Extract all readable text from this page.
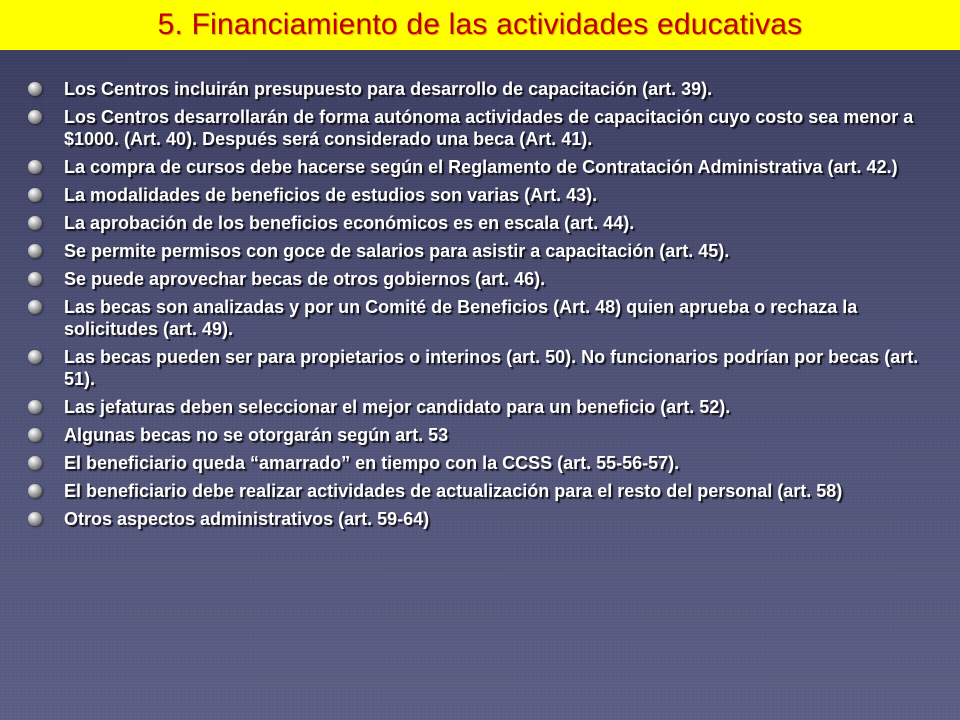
5. Financiamiento de las actividades educativas
Los Centros incluirán presupuesto para desarrollo de capacitación (art. 39).
Los Centros desarrollarán de forma autónoma actividades de capacitación cuyo costo sea menor a $1000. (Art. 40). Después será considerado una beca (Art. 41).
La compra de cursos debe hacerse según el Reglamento de Contratación Administrativa (art. 42.)
La modalidades de beneficios de estudios son varias (Art. 43).
La aprobación de los beneficios económicos es en escala (art. 44).
Se permite permisos con goce de salarios para asistir a capacitación (art. 45).
Se puede aprovechar becas de otros gobiernos (art. 46).
Las becas son analizadas y por un Comité de Beneficios (Art. 48) quien aprueba o rechaza la solicitudes (art. 49).
Las becas pueden ser para propietarios o interinos (art. 50). No funcionarios podrían por becas (art. 51).
Las jefaturas deben seleccionar el mejor candidato para un beneficio (art. 52).
Algunas becas no se otorgarán según art. 53
El beneficiario queda “amarrado” en tiempo con la CCSS (art. 55-56-57).
El beneficiario debe realizar actividades de actualización para el resto del personal (art. 58)
Otros aspectos administrativos (art. 59-64)
